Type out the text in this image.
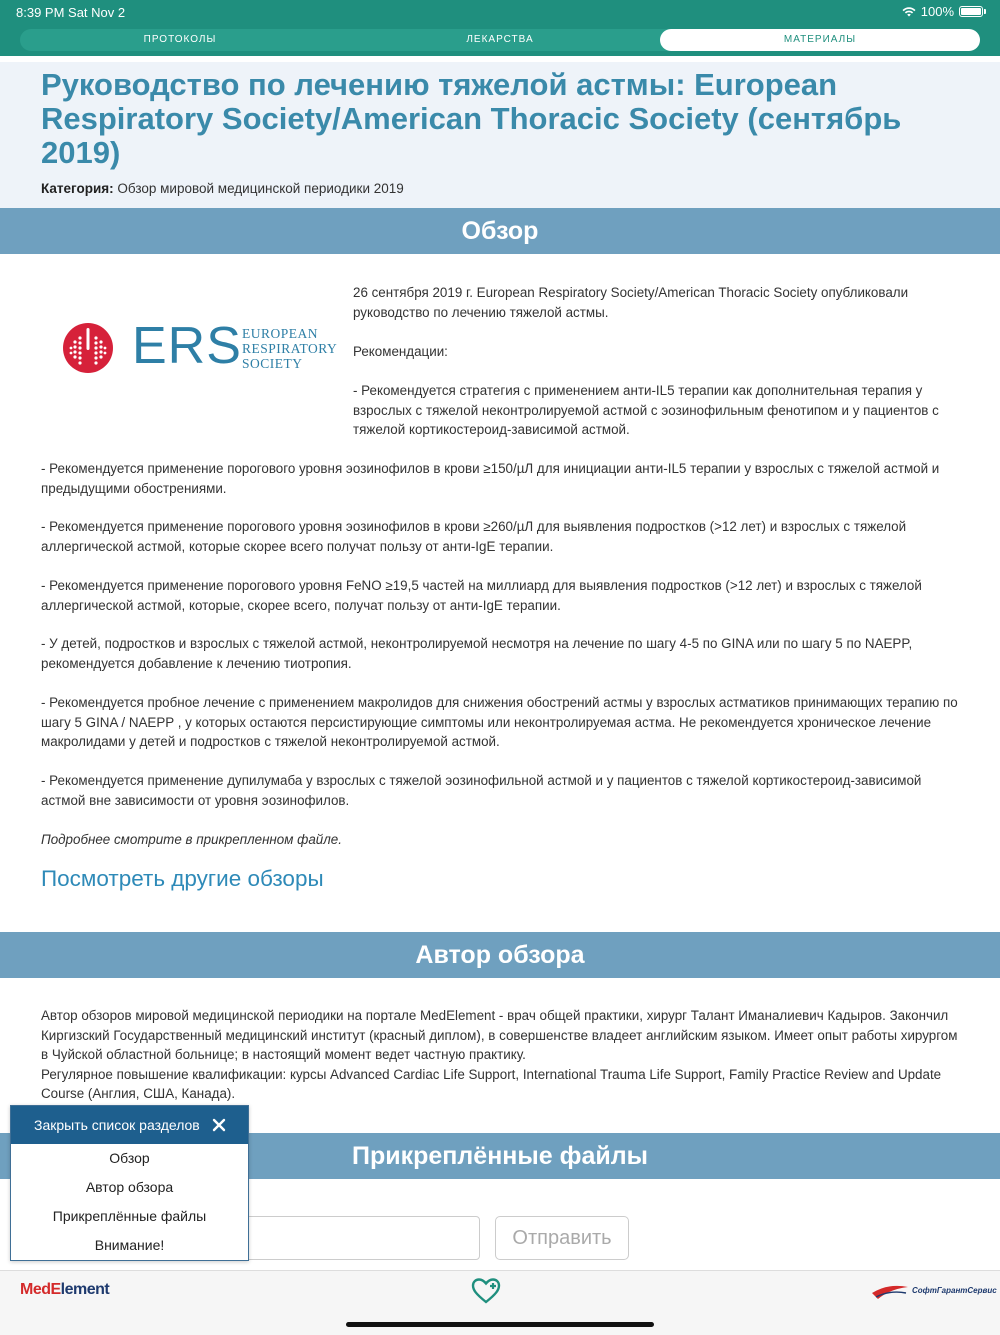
8:39 PM Sat Nov 2	100%
ПРОТОКОЛЫ	ЛЕКАРСТВА	МАТЕРИАЛЫ
Руководство по лечению тяжелой астмы: European Respiratory Society/American Thoracic Society (сентябрь 2019)
Категория: Обзор мировой медицинской периодики 2019
Обзор
ERS EUROPEAN
RESPIRATORY
SOCIETY

26 сентября 2019 г. European Respiratory Society/American Thoracic Society опубликовали руководство по лечению тяжелой астмы.

Рекомендации:

- Рекомендуется стратегия с применением анти-IL5 терапии как дополнительная терапия у взрослых с тяжелой неконтролируемой астмой с эозинофильным фенотипом и у пациентов с тяжелой кортикостероид-зависимой астмой.

- Рекомендуется применение порогового уровня эозинофилов в крови ≥150/µЛ для инициации анти-IL5 терапии у взрослых с тяжелой астмой и предыдущими обострениями.

- Рекомендуется применение порогового уровня эозинофилов в крови ≥260/µЛ для выявления подростков (>12 лет) и взрослых с тяжелой аллергической астмой, которые скорее всего получат пользу от анти-IgE терапии.

- Рекомендуется применение порогового уровня FeNO ≥19,5 частей на миллиард для выявления подростков (>12 лет) и взрослых с тяжелой аллергической астмой, которые, скорее всего, получат пользу от анти-IgE терапии.

- У детей, подростков и взрослых с тяжелой астмой, неконтролируемой несмотря на лечение по шагу 4-5 по GINA или по шагу 5 по NAEPP, рекомендуется добавление к лечению тиотропия.

- Рекомендуется пробное лечение с применением макролидов для снижения обострений астмы у взрослых астматиков принимающих терапию по шагу 5 GINA / NAEPP , у которых остаются персистирующие симптомы или неконтролируемая астма. Не рекомендуется хроническое лечение макролидами у детей и подростков с тяжелой неконтролируемой астмой.

- Рекомендуется применение дупилумаба у взрослых с тяжелой эозинофильной астмой и у пациентов с тяжелой кортикостероид-зависимой астмой вне зависимости от уровня эозинофилов.

Подробнее смотрите в прикрепленном файле.

Посмотреть другие обзоры
Автор обзора

Автор обзоров мировой медицинской периодики на портале MedElement - врач общей практики, хирург Талант Иманалиевич Кадыров. Закончил Киргизский Государственный медицинский институт (красный диплом), в совершенстве владеет английским языком. Имеет опыт работы хирургом в Чуйской областной больнице; в настоящий момент ведет частную практику.
Регулярное повышение квалификации: курсы Advanced Cardiac Life Support, International Trauma Life Support, Family Practice Review and Update Course (Англия, США, Канада).

Прикреплённые файлы
Отправить
Закрыть список разделов
Обзор
Автор обзора
Прикреплённые файлы
Внимание!
MedElement	СофтГарантСервис
